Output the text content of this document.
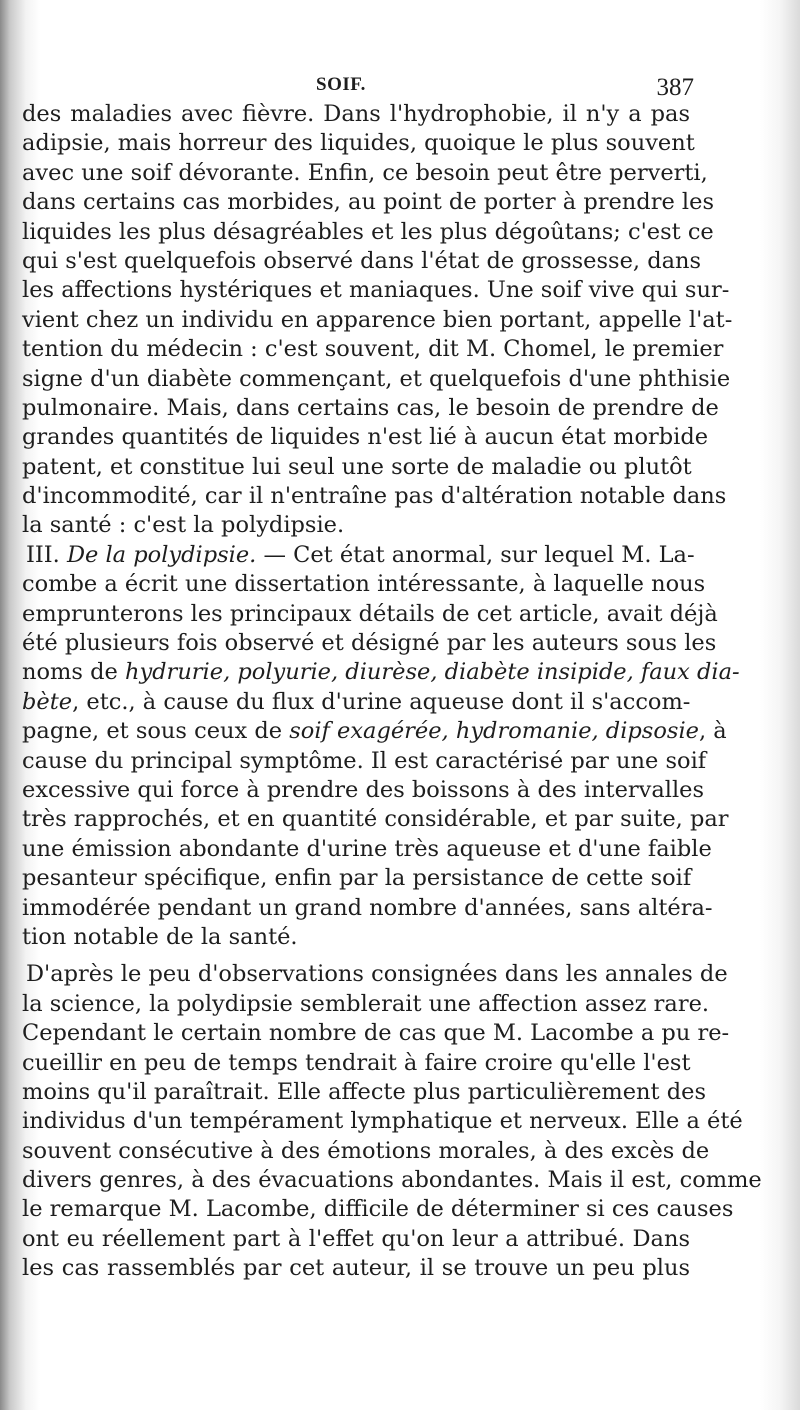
SOIF.	387
des maladies avec fièvre. Dans l'hydrophobie, il n'y a pas
adipsie, mais horreur des liquides, quoique le plus souvent
avec une soif dévorante. Enfin, ce besoin peut être perverti,
dans certains cas morbides, au point de porter à prendre les
liquides les plus désagréables et les plus dégoûtans; c'est ce
qui s'est quelquefois observé dans l'état de grossesse, dans
les affections hystériques et maniaques. Une soif vive qui sur-
vient chez un individu en apparence bien portant, appelle l'at-
tention du médecin : c'est souvent, dit M. Chomel, le premier
signe d'un diabète commençant, et quelquefois d'une phthisie
pulmonaire. Mais, dans certains cas, le besoin de prendre de
grandes quantités de liquides n'est lié à aucun état morbide
patent, et constitue lui seul une sorte de maladie ou plutôt
d'incommodité, car il n'entraîne pas d'altération notable dans
la santé : c'est la polydipsie.
III. De la polydipsie. — Cet état anormal, sur lequel M. La-
combe a écrit une dissertation intéressante, à laquelle nous
emprunterons les principaux détails de cet article, avait déjà
été plusieurs fois observé et désigné par les auteurs sous les
noms de hydrurie, polyurie, diurèse, diabète insipide, faux dia-
bète, etc., à cause du flux d'urine aqueuse dont il s'accom-
pagne, et sous ceux de soif exagérée, hydromanie, dipsosie, à
cause du principal symptôme. Il est caractérisé par une soif
excessive qui force à prendre des boissons à des intervalles
très rapprochés, et en quantité considérable, et par suite, par
une émission abondante d'urine très aqueuse et d'une faible
pesanteur spécifique, enfin par la persistance de cette soif
immodérée pendant un grand nombre d'années, sans altéra-
tion notable de la santé.
D'après le peu d'observations consignées dans les annales de
la science, la polydipsie semblerait une affection assez rare.
Cependant le certain nombre de cas que M. Lacombe a pu re-
cueillir en peu de temps tendrait à faire croire qu'elle l'est
moins qu'il paraîtrait. Elle affecte plus particulièrement des
individus d'un tempérament lymphatique et nerveux. Elle a été
souvent consécutive à des émotions morales, à des excès de
divers genres, à des évacuations abondantes. Mais il est, comme
le remarque M. Lacombe, difficile de déterminer si ces causes
ont eu réellement part à l'effet qu'on leur a attribué. Dans
les cas rassemblés par cet auteur, il se trouve un peu plus
